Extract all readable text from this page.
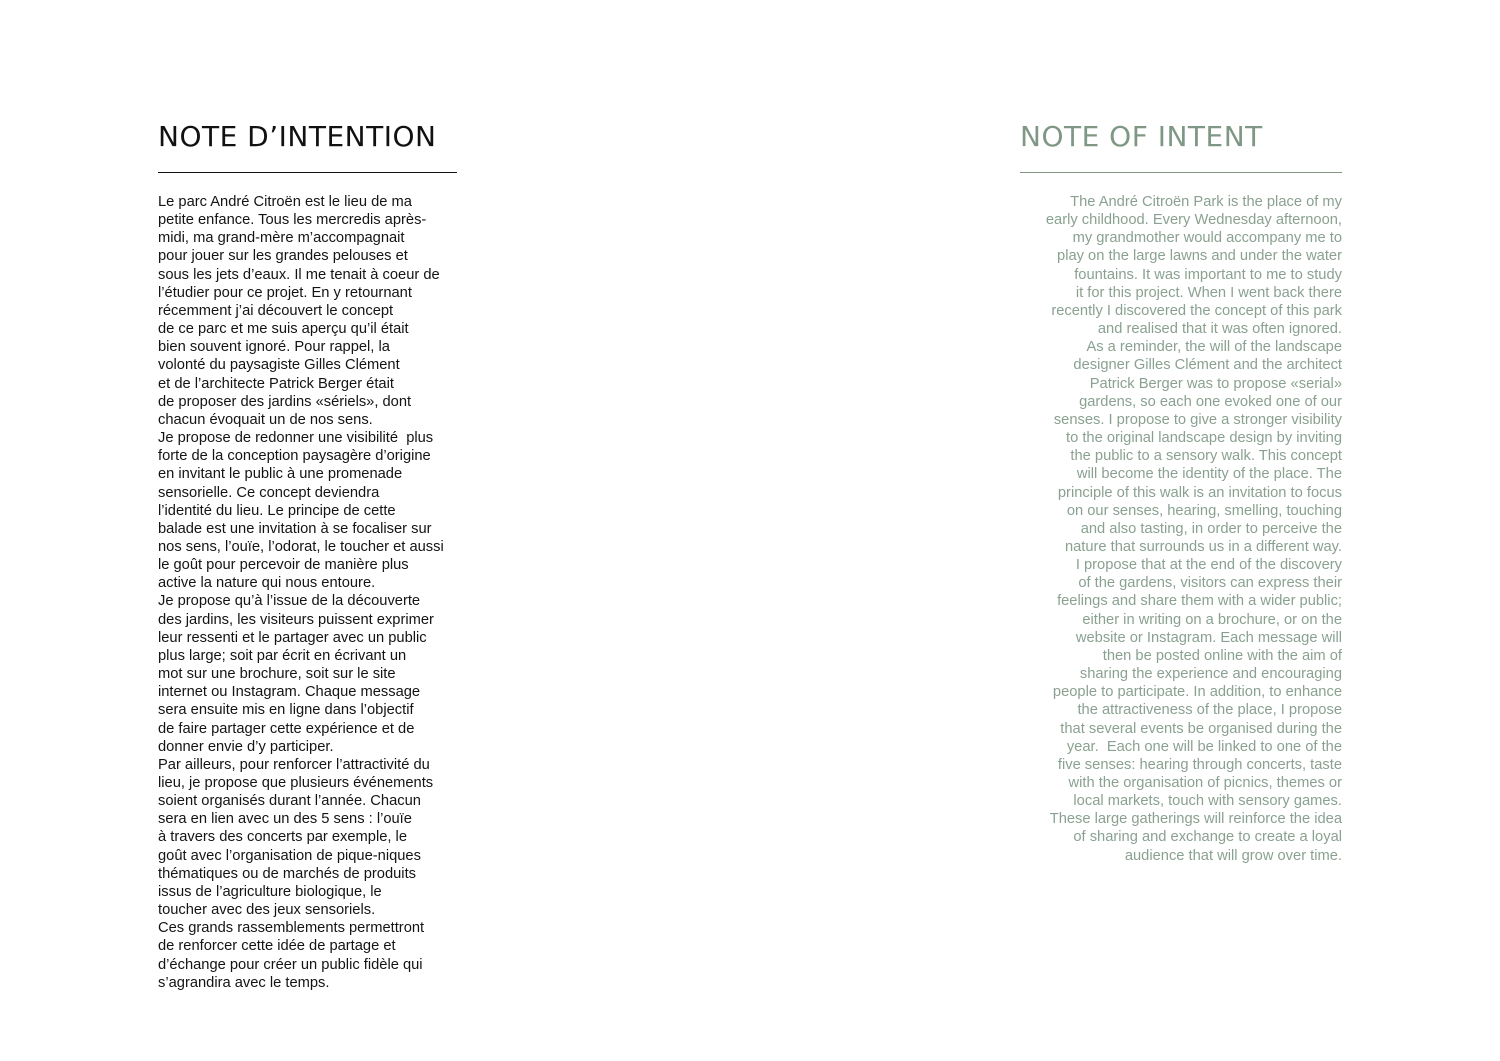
NOTE D’INTENTION
Le parc André Citroën est le lieu de ma
petite enfance. Tous les mercredis après-
midi, ma grand-mère m’accompagnait
pour jouer sur les grandes pelouses et
sous les jets d’eaux. Il me tenait à coeur de
l’étudier pour ce projet. En y retournant
récemment j’ai découvert le concept
de ce parc et me suis aperçu qu’il était
bien souvent ignoré. Pour rappel, la
volonté du paysagiste Gilles Clément
et de l’architecte Patrick Berger était
de proposer des jardins «sériels», dont
chacun évoquait un de nos sens.
Je propose de redonner une visibilité  plus
forte de la conception paysagère d’origine
en invitant le public à une promenade
sensorielle. Ce concept deviendra
l’identité du lieu. Le principe de cette
balade est une invitation à se focaliser sur
nos sens, l’ouïe, l’odorat, le toucher et aussi
le goût pour percevoir de manière plus
active la nature qui nous entoure.
Je propose qu’à l’issue de la découverte
des jardins, les visiteurs puissent exprimer
leur ressenti et le partager avec un public
plus large; soit par écrit en écrivant un
mot sur une brochure, soit sur le site
internet ou Instagram. Chaque message
sera ensuite mis en ligne dans l’objectif
de faire partager cette expérience et de
donner envie d’y participer.
Par ailleurs, pour renforcer l’attractivité du
lieu, je propose que plusieurs événements
soient organisés durant l’année. Chacun
sera en lien avec un des 5 sens : l’ouïe
à travers des concerts par exemple, le
goût avec l’organisation de pique-niques
thématiques ou de marchés de produits
issus de l’agriculture biologique, le
toucher avec des jeux sensoriels.
Ces grands rassemblements permettront
de renforcer cette idée de partage et
d’échange pour créer un public fidèle qui
s’agrandira avec le temps.
NOTE OF INTENT
The André Citroën Park is the place of my
early childhood. Every Wednesday afternoon,
my grandmother would accompany me to
play on the large lawns and under the water
fountains. It was important to me to study
it for this project. When I went back there
recently I discovered the concept of this park
and realised that it was often ignored.
As a reminder, the will of the landscape
designer Gilles Clément and the architect
Patrick Berger was to propose «serial»
gardens, so each one evoked one of our
senses. I propose to give a stronger visibility
to the original landscape design by inviting
the public to a sensory walk. This concept
will become the identity of the place. The
principle of this walk is an invitation to focus
on our senses, hearing, smelling, touching
and also tasting, in order to perceive the
nature that surrounds us in a different way.
I propose that at the end of the discovery
of the gardens, visitors can express their
feelings and share them with a wider public;
either in writing on a brochure, or on the
website or Instagram. Each message will
then be posted online with the aim of
sharing the experience and encouraging
people to participate. In addition, to enhance
the attractiveness of the place, I propose
that several events be organised during the
year.  Each one will be linked to one of the
five senses: hearing through concerts, taste
with the organisation of picnics, themes or
local markets, touch with sensory games.
These large gatherings will reinforce the idea
of sharing and exchange to create a loyal
audience that will grow over time.
